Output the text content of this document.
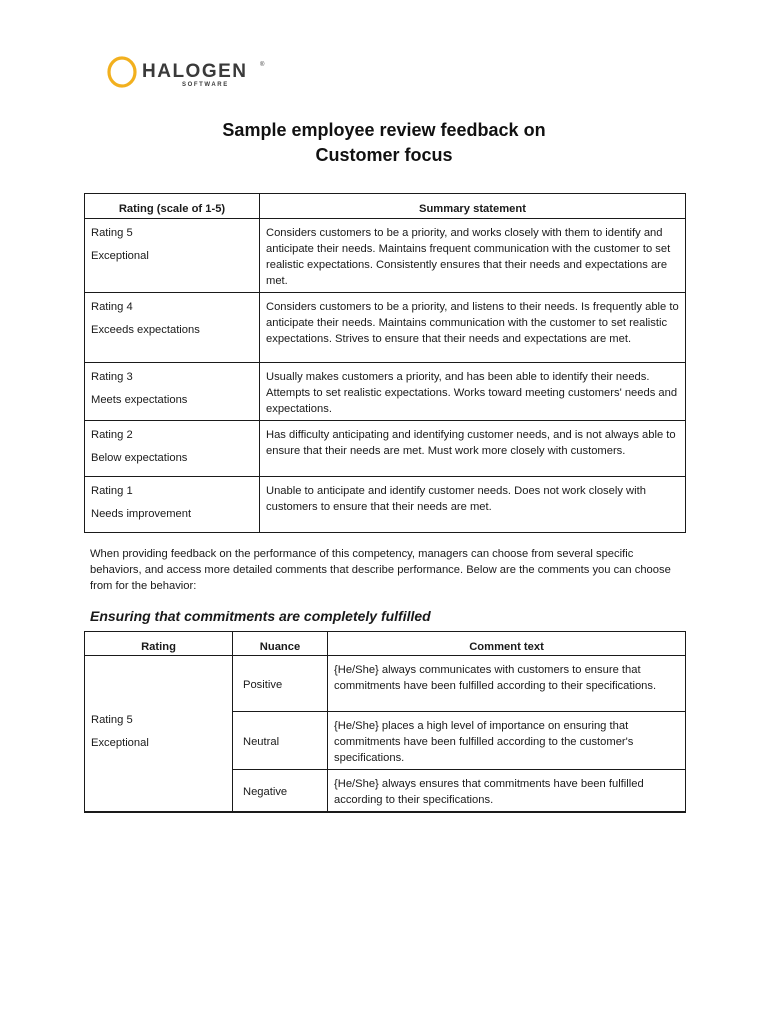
HALOGEN ®
SOFTWARE
Sample employee review feedback on
Customer focus
Rating (scale of 1-5)	Summary statement

Rating 5

Exceptional	Considers customers to be a priority, and works closely with them to identify and anticipate their needs. Maintains frequent communication with the customer to set realistic expectations. Consistently ensures that their needs and expectations are met.

Rating 4

Exceeds expectations	Considers customers to be a priority, and listens to their needs. Is frequently able to anticipate their needs. Maintains communication with the customer to set realistic expectations. Strives to ensure that their needs and expectations are met.

Rating 3

Meets expectations	Usually makes customers a priority, and has been able to identify their needs. Attempts to set realistic expectations. Works toward meeting customers' needs and expectations.

Rating 2

Below expectations	Has difficulty anticipating and identifying customer needs, and is not always able to ensure that their needs are met. Must work more closely with customers.

Rating 1

Needs improvement	Unable to anticipate and identify customer needs. Does not work closely with customers to ensure that their needs are met.
When providing feedback on the performance of this competency, managers can choose from several specific behaviors, and access more detailed comments that describe performance. Below are the comments you can choose from for the behavior:
Ensuring that commitments are completely fulfilled
Rating	Nuance	Comment text

Rating 5

Exceptional	Positive	{He/She} always communicates with customers to ensure that commitments have been fulfilled according to their specifications.
	Neutral	{He/She} places a high level of importance on ensuring that commitments have been fulfilled according to the customer's specifications.
	Negative	{He/She} always ensures that commitments have been fulfilled according to their specifications.
